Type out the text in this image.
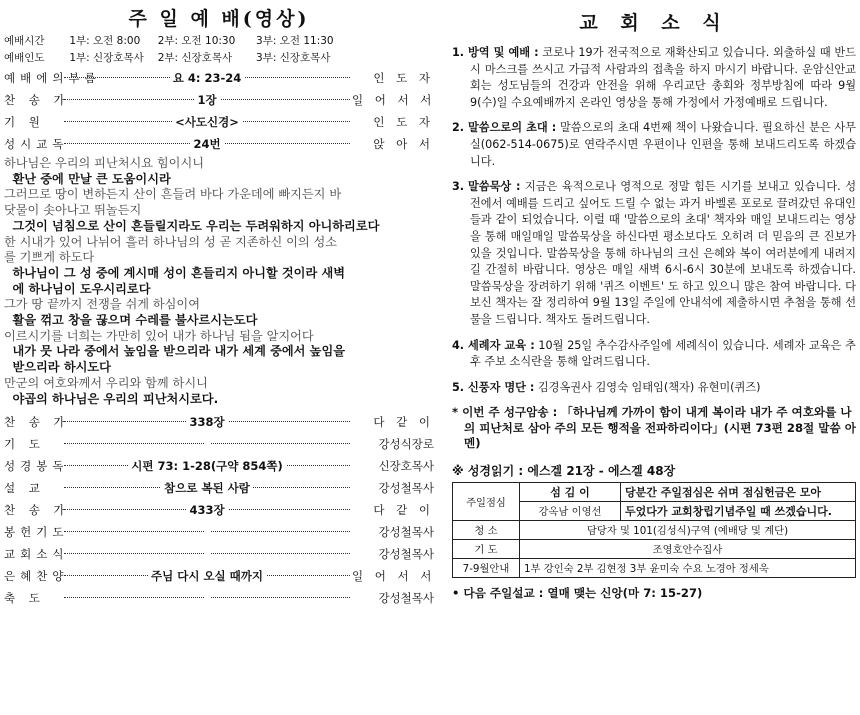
주 일 예 배(영상)
예배시간 1부: 오전 8:00 2부: 오전 10:30 3부: 오전 11:30
예배인도 1부: 신장호목사 2부: 신장호목사 3부: 신장호목사
예배에의부름	요 4: 23-24	인 도 자
찬 송 가	1장	일 어 서 서
기 원	<사도신경>	인 도 자
성시교독	24번	앉 아 서
하나님은 우리의 피난처시요 힘이시니
환난 중에 만날 큰 도움이시라
그러므로 땅이 변하든지 산이 흔들려 바다 가운데에 빠지든지 바
닷물이 솟아나고 뛰놀든지
그것이 넘침으로 산이 흔들릴지라도 우리는 두려워하지 아니하리로다
한 시내가 있어 나뉘어 흘러 하나님의 성 곧 지존하신 이의 성소
를 기쁘게 하도다
하나님이 그 성 중에 계시매 성이 흔들리지 아니할 것이라 새벽
에 하나님이 도우시리로다
그가 땅 끝까지 전쟁을 쉬게 하심이여
활을 꺾고 창을 끊으며 수레를 불사르시는도다
이르시기를 너희는 가만히 있어 내가 하나님 됨을 알지어다
내가 뭇 나라 중에서 높임을 받으리라 내가 세계 중에서 높임을
받으리라 하시도다
만군의 여호와께서 우리와 함께 하시니
야곱의 하나님은 우리의 피난처시로다.
찬 송 가	338장	다 같 이
기 도	강성식장로
성경봉독	시편 73: 1-28(구약 854쪽)	신장호목사
설 교	참으로 복된 사람	강성철목사
찬 송 가	433장	다 같 이
봉헌기도	강성철목사
교회소식	강성철목사
은혜찬양	주님 다시 오실 때까지	일 어 서 서
축 도	강성철목사
교 회 소 식
1. 방역 및 예배 : 코로나 19가 전국적으로 재확산되고 있습니다. 외출하실 때 반드시 마스크를 쓰시고 가급적 사람과의 접촉을 하지 마시기 바랍니다. 운암신안교회는 성도님들의 건강과 안전을 위해 우리교단 총회와 정부방침에 따라 9월 9(수)일 수요예배까지 온라인 영상을 통해 가정에서 가정예배로 드립니다.
2. 말씀으로의 초대 : 말씀으로의 초대 4번째 책이 나왔습니다. 필요하신 분은 사무실(062-514-0675)로 연락주시면 우편이나 인편을 통해 보내드리도록 하겠습니다.
3. 말씀묵상 : 지금은 육적으로나 영적으로 정말 힘든 시기를 보내고 있습니다. 성전에서 예배를 드리고 싶어도 드릴 수 없는 과거 바벨론 포로로 끌려갔던 유대인들과 같이 되었습니다. 이럴 때 '말씀으로의 초대' 책자와 매일 보내드리는 영상을 통해 매일매일 말씀묵상을 하신다면 평소보다도 오히려 더 믿음의 큰 진보가 있을 것입니다. 말씀묵상을 통해 하나님의 크신 은혜와 복이 여러분에게 내려지길 간절히 바랍니다. 영상은 매일 새벽 6시-6시 30분에 보내도록 하겠습니다. 말씀묵상을 장려하기 위해 '퀴즈 이벤트' 도 하고 있으니 많은 참여 바랍니다. 다 보신 책자는 잘 정리하여 9월 13일 주일에 안내석에 제출하시면 추첨을 통해 선물을 드립니다. 책자도 돌려드립니다.
4. 세례자 교육 : 10월 25일 추수감사주일에 세례식이 있습니다. 세례자 교육은 추후 주보 소식란을 통해 알려드립니다.
5. 신풍자 명단 : 김경옥권사 김영숙 임태임(책자) 유현미(퀴즈)
* 이번 주 성구암송 : 「하나님께 가까이 함이 내게 복이라 내가 주 여호와를 나의 피난처로 삼아 주의 모든 행적을 전파하리이다」(시편 73편 28절 말씀 아멘)
※ 성경읽기 : 에스겔 21장 - 에스겔 48장
주일점심	섬 김 이	당분간 주일점심은 쉬며 점심헌금은 모아
	강옥남 이영선	두었다가 교회창립기념주일 때 쓰겠습니다.
청 소	담당자 및 101(김성식)구역 (예배당 및 계단)	
기 도	조영호안수집사	
7-9월안내	1부 강인숙 2부 김현정 3부 윤미숙 수요 노경아 정세욱	
• 다음 주일설교 : 열매 맺는 신앙(마 7: 15-27)
